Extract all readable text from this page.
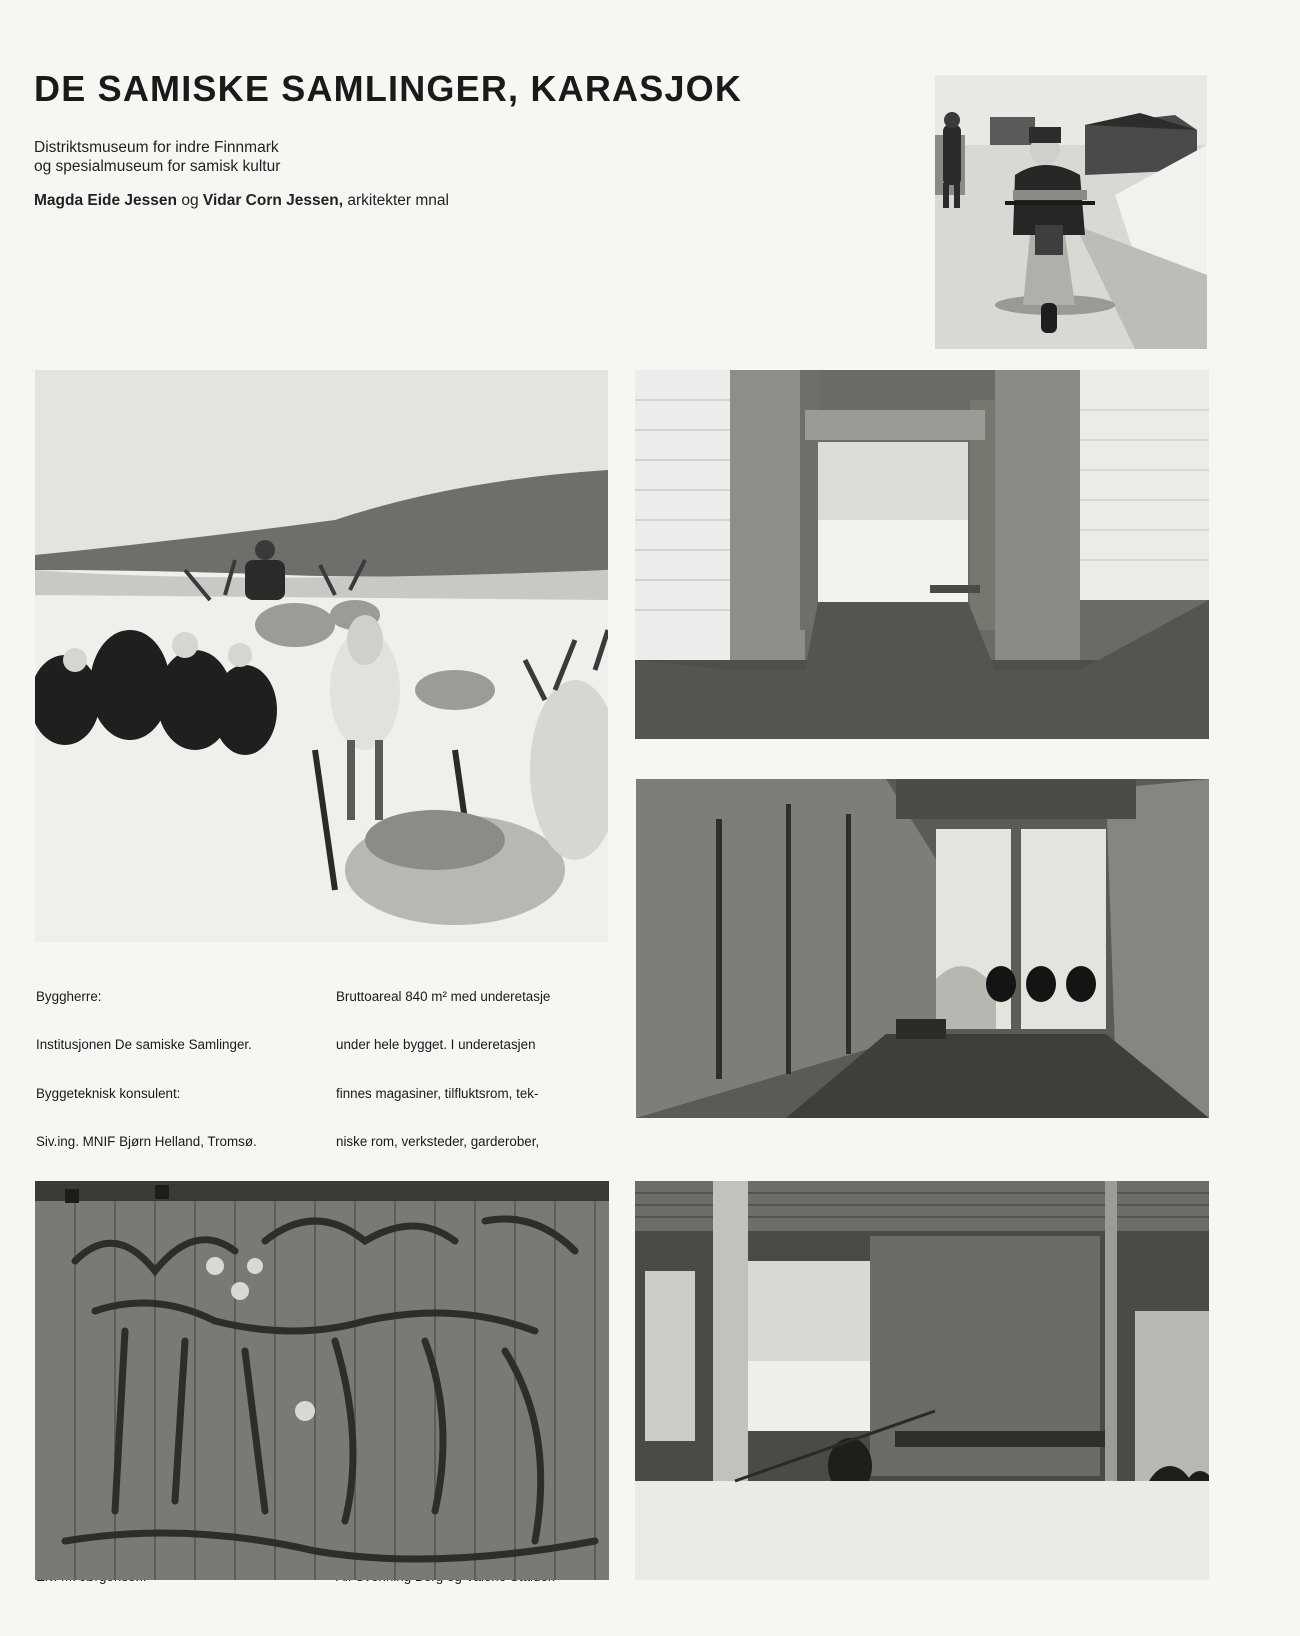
DE SAMISKE SAMLINGER, KARASJOK
Distriktsmuseum for indre Finnmark
og spesialmuseum for samisk kultur
Magda Eide Jessen og Vidar Corn Jessen, arkitekter mnal

Byggherre:

Institusjonen De samiske Samlinger.

Byggeteknisk konsulent:

Siv.ing. MNIF Bjørn Helland, Tromsø.

Bruttoareal 840 m² med underetasje

under hele bygget. I underetasjen

finnes magasiner, tilfluktsrom, tek-

niske rom, verksteder, garderober,
